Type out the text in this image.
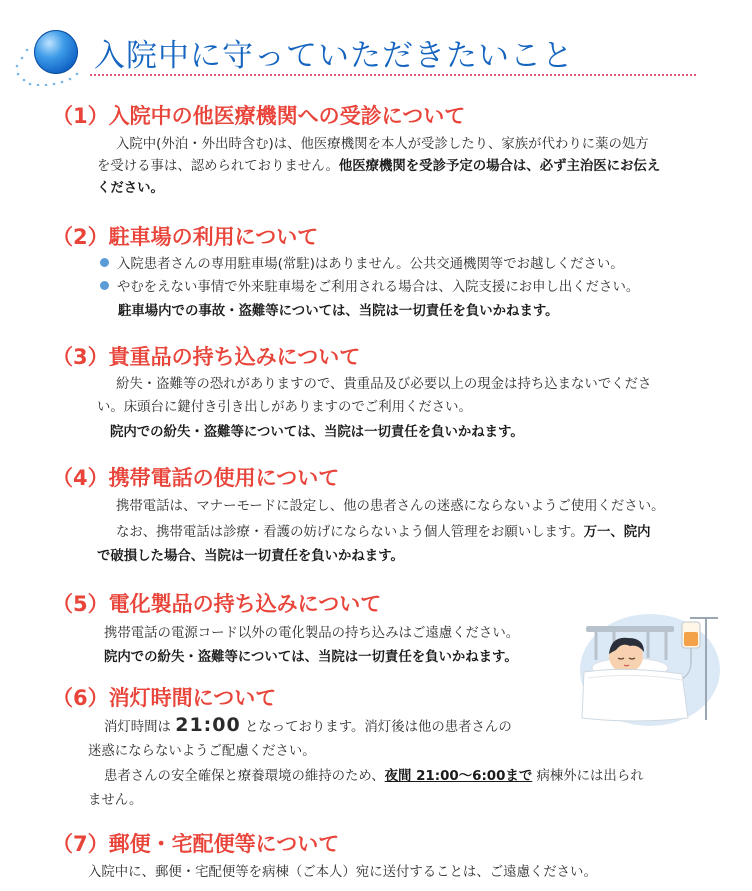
入院中に守っていただきたいこと
（1）入院中の他医療機関への受診について

入院中(外泊・外出時含む)は、他医療機関を本人が受診したり、家族が代わりに薬の処方

を受ける事は、認められておりません。他医療機関を受診予定の場合は、必ず主治医にお伝え

ください。

（2）駐車場の利用について

入院患者さんの専用駐車場(常駐)はありません。公共交通機関等でお越しください。

やむをえない事情で外来駐車場をご利用される場合は、入院支援にお申し出ください。

駐車場内での事故・盗難等については、当院は一切責任を負いかねます。

（3）貴重品の持ち込みについて

紛失・盗難等の恐れがありますので、貴重品及び必要以上の現金は持ち込まないでくださ

い。床頭台に鍵付き引き出しがありますのでご利用ください。

院内での紛失・盗難等については、当院は一切責任を負いかねます。

（4）携帯電話の使用について

携帯電話は、マナーモードに設定し、他の患者さんの迷惑にならないようご使用ください。

なお、携帯電話は診療・看護の妨げにならないよう個人管理をお願いします。万一、院内

で破損した場合、当院は一切責任を負いかねます。

（5）電化製品の持ち込みについて

携帯電話の電源コード以外の電化製品の持ち込みはご遠慮ください。

院内での紛失・盗難等については、当院は一切責任を負いかねます。

（6）消灯時間について

消灯時間は 21:00 となっております。消灯後は他の患者さんの

迷惑にならないようご配慮ください。

患者さんの安全確保と療養環境の維持のため、夜間 21:00～6:00まで 病棟外には出られ

ません。

（7）郵便・宅配便等について

入院中に、郵便・宅配便等を病棟（ご本人）宛に送付することは、ご遠慮ください。
